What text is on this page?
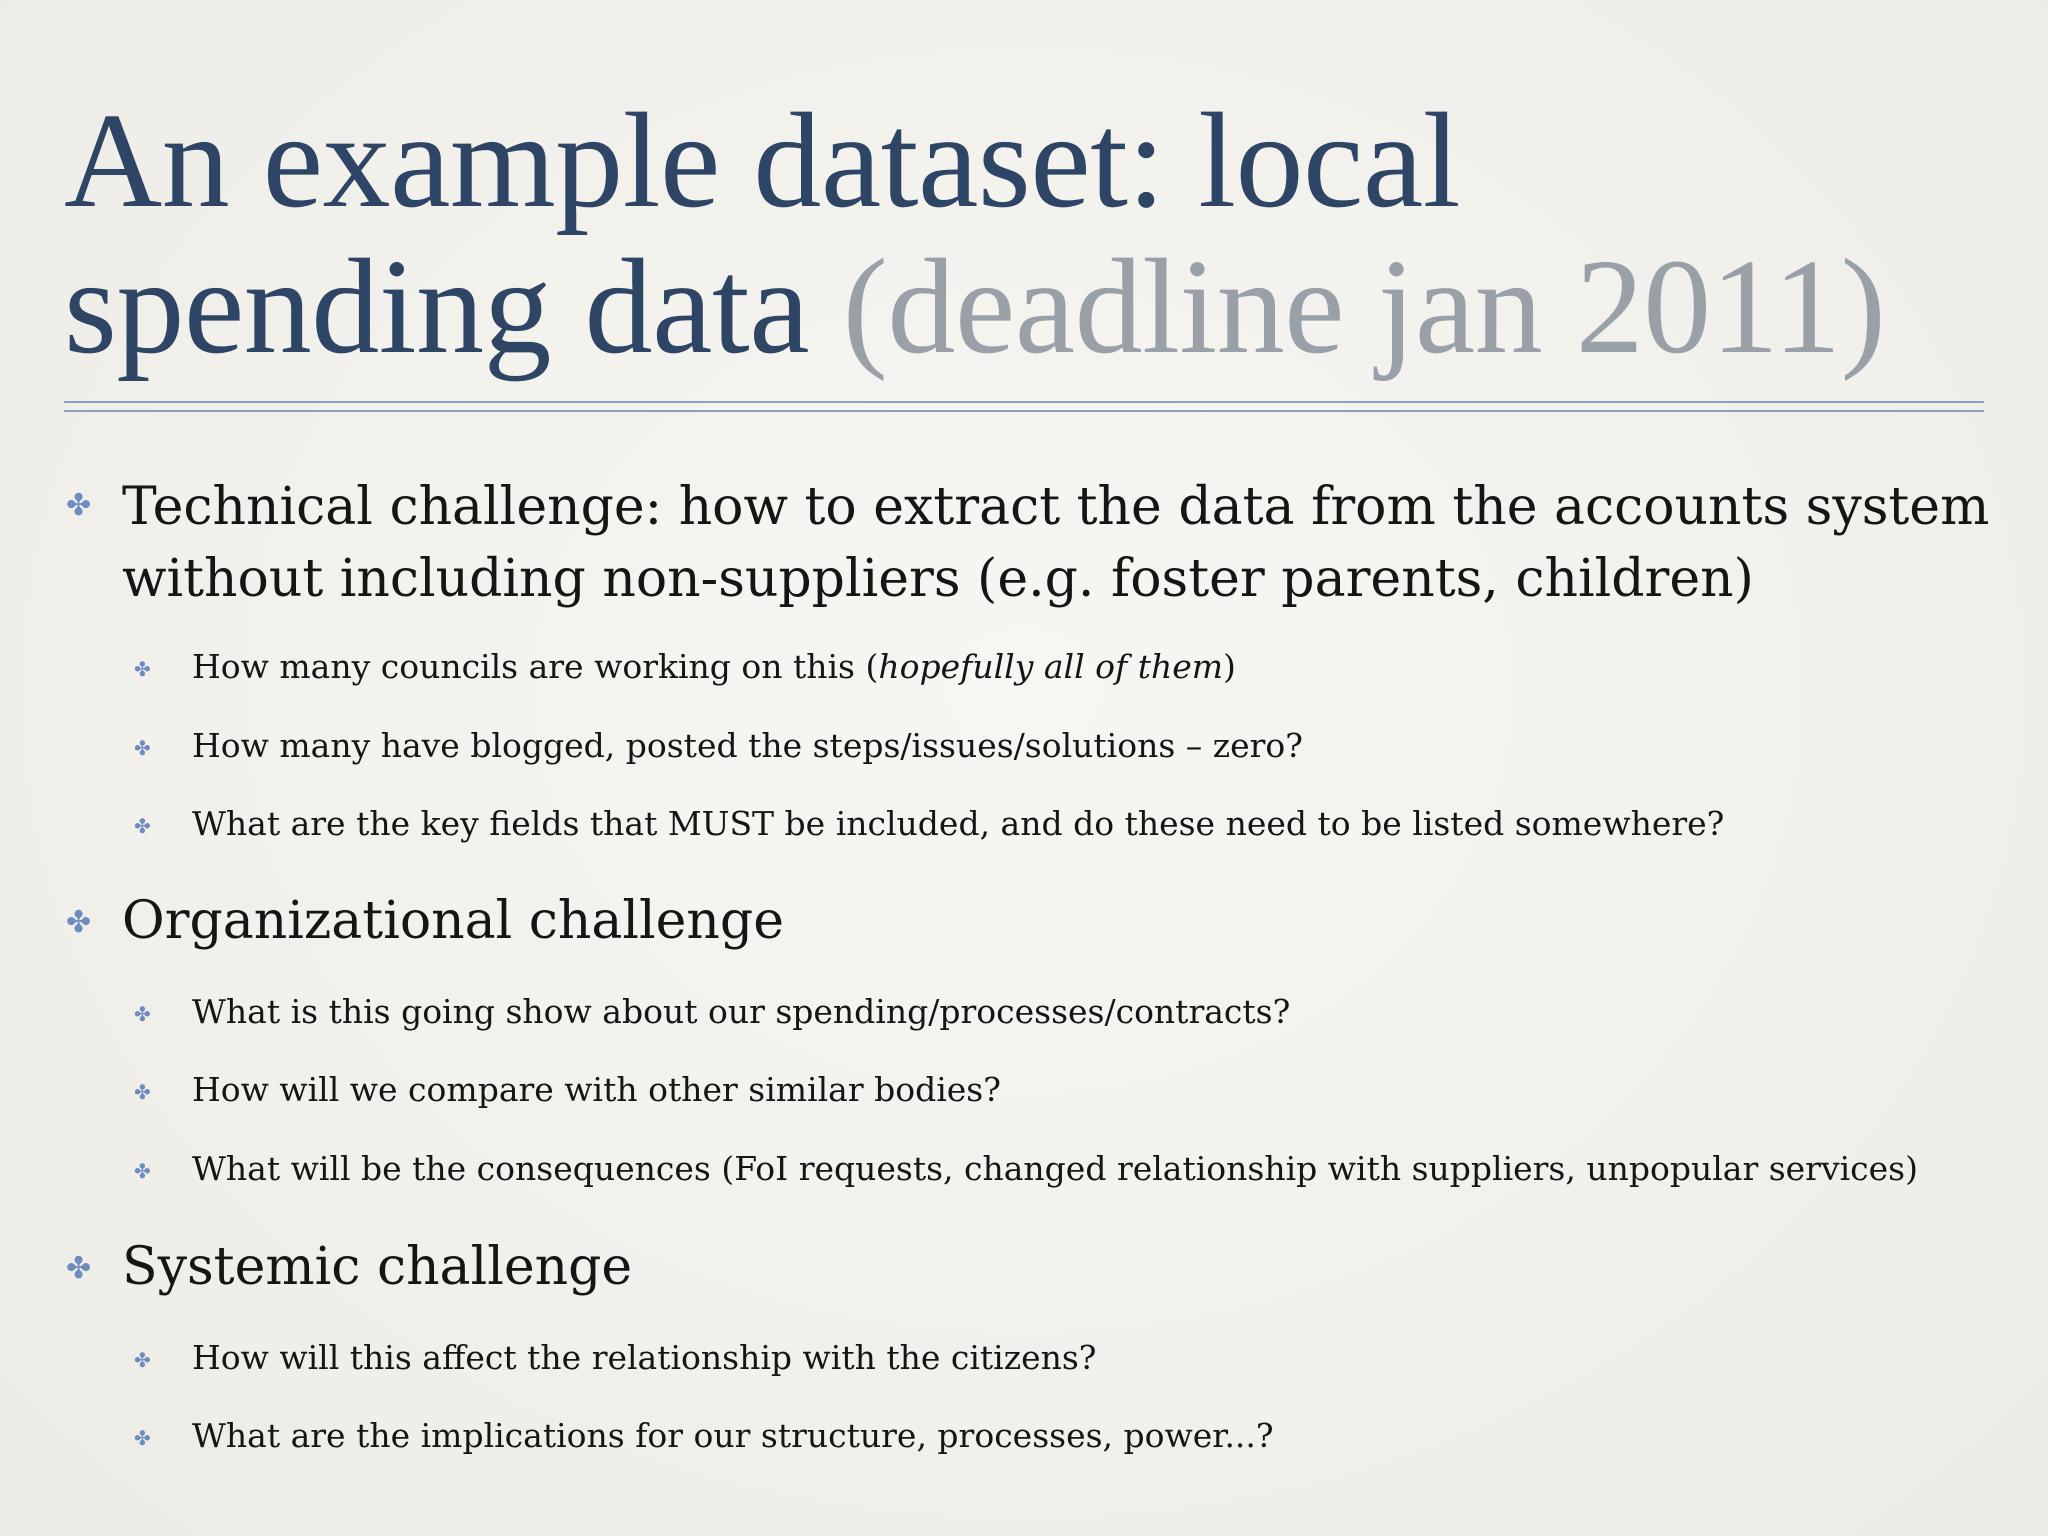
An example dataset: local
spending data (deadline jan 2011)
✤ Technical challenge: how to extract the data from the accounts system
without including non-suppliers (e.g. foster parents, children)
✤ How many councils are working on this (hopefully all of them)
✤ How many have blogged, posted the steps/issues/solutions – zero?
✤ What are the key fields that MUST be included, and do these need to be listed somewhere?
✤ Organizational challenge
✤ What is this going show about our spending/processes/contracts?
✤ How will we compare with other similar bodies?
✤ What will be the consequences (FoI requests, changed relationship with suppliers, unpopular services)
✤ Systemic challenge
✤ How will this affect the relationship with the citizens?
✤ What are the implications for our structure, processes, power...?
